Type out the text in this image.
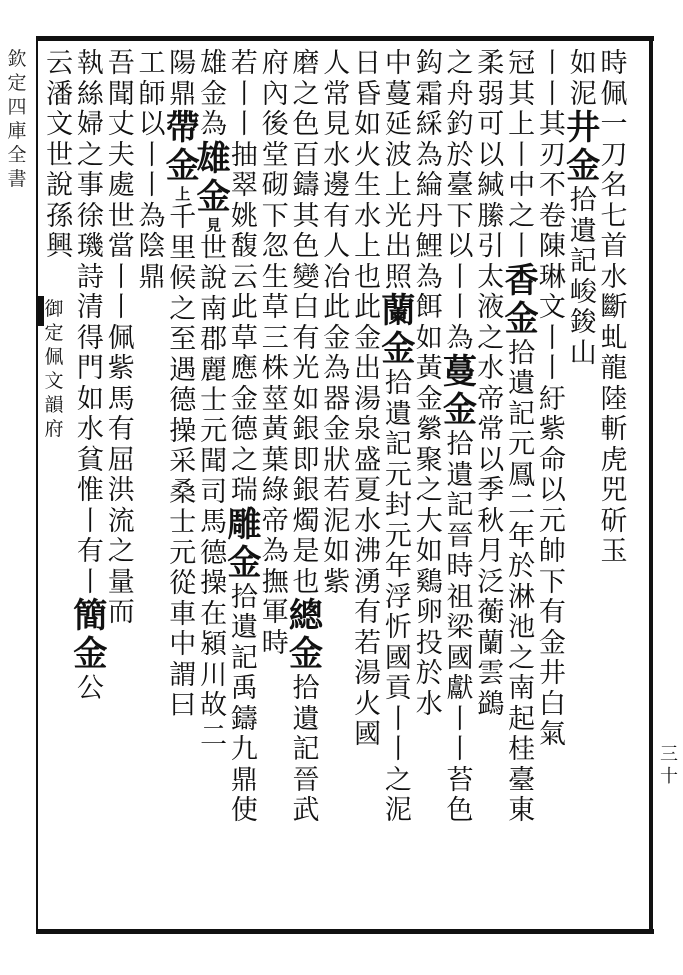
欽
定
四
庫
全
書
御
定
佩
文
韻
府
三
十
時
佩
一
刀
名
七
首
水
斷
虬
龍
陸
斬
虎
兕
斫
玉
如
泥
井
金
拾
遺
記
峻
鋑
山
丨
丨
其
刃
不
卷
陳
琳
文
丨
丨
紆
紫
命
以
元
帥
下
有
金
井
白
氣
冠
其
上
丨
中
之
丨
香
金
拾
遺
記
元
鳳
二
年
於
淋
池
之
南
起
桂
臺
東
柔
弱
可
以
緘
縢
引
太
液
之
水
帝
常
以
季
秋
月
泛
蘅
蘭
雲
鷁
之
舟
釣
於
臺
下
以
丨
丨
為
蔓
金
拾
遺
記
晉
時
祖
梁
國
獻
丨
丨
苔
色
鈎
霜
綵
為
綸
丹
鯉
為
餌
如
黃
金
縈
聚
之
大
如
鷄
卵
投
於
水
中
蔓
延
波
上
光
出
照
蘭
金
拾
遺
記
元
封
元
年
浮
忻
國
貢
丨
丨
之
泥
日
昏
如
火
生
水
上
也
此
金
出
湯
泉
盛
夏
水
沸
湧
有
若
湯
火
國
人
常
見
水
邊
有
人
冶
此
金
為
器
金
狀
若
泥
如
紫
磨
之
色
百
鑄
其
色
變
白
有
光
如
銀
即
銀
燭
是
也
總
金
拾
遺
記
晉
武
府
內
後
堂
砌
下
忽
生
草
三
株
莖
黃
葉
綠
帝
為
撫
軍
時
若
丨
丨
抽
翠
姚
馥
云
此
草
應
金
德
之
瑞
雕
金
拾
遺
記
禹
鑄
九
鼎
使
雄
金
為
雄
金
見
世
說
南
郡
麗
士
元
聞
司
馬
德
操
在
潁
川
故
二
陽
鼎
帶
金
上
千
里
候
之
至
遇
德
操
采
桑
士
元
從
車
中
謂
曰
工
師
以
丨
丨
為
陰
鼎
吾
聞
丈
夫
處
世
當
丨
丨
佩
紫
馬
有
屈
洪
流
之
量
而
執
絲
婦
之
事
徐
璣
詩
清
得
門
如
水
貧
惟
丨
有
丨
簡
金
公
云
潘
文
世
說
孫
興
